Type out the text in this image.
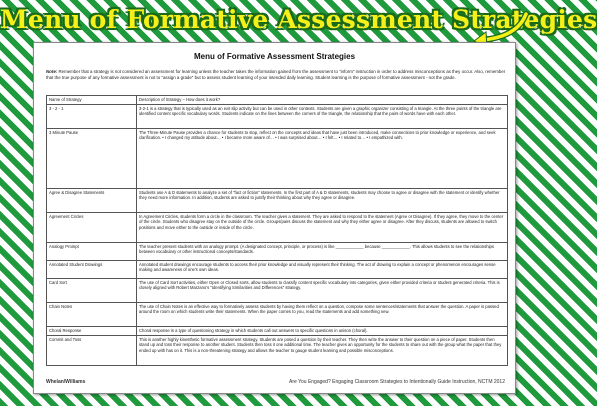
Menu of Formative Assessment Strategies
Menu of Formative Assessment Strategies
Note: Remember that a strategy is not considered an assessment for learning unless the teacher takes the information gained from the assessment to "inform" instruction in order to address misconceptions as they occur. Also, remember that the true purpose of any formative assessment is not to "assign a grade" but to assess student learning of your intended daily learning. Student learning is the purpose of formative assessment - not the grade.
Name of Strategy	Description of Strategy – How does it work?
3 - 2 - 1	3-2-1 is a strategy that is typically used as an exit slip activity but can be used in other contexts. Students are given a graphic organizer consisting of a triangle. At the three points of the triangle are identified content specific vocabulary words. Students indicate on the lines between the corners of the triangle, the relationship that the pairs of words have with each other.
3 Minute Pause	The Three-Minute Pause provides a chance for students to stop, reflect on the concepts and ideas that have just been introduced, make connections to prior knowledge or experience, and seek clarification. • I changed my attitude about… • I became more aware of… • I was surprised about… • I felt… • I related to… • I empathized with.
Agree & Disagree Statements	Students use A & D statements to analyze a set of "fact or fiction" statements. In the first part of A & D statements, students may choose to agree or disagree with the statement or identify whether they need more information. In addition, students are asked to justify their thinking about why they agree or disagree.
Agreement Circles	In Agreement Circles, students form a circle in the classroom. The teacher gives a statement. They are asked to respond to the statement (Agree or Disagree). If they agree, they move to the center of the circle. Students who disagree stay on the outside of the circle. Groups/pairs discuss the statement and why they either agree or disagree. After they discuss, students are allowed to switch positions and move either to the outside or inside of the circle.
Analogy Prompt	The teacher present students with an analogy prompt. (A designated concept, principle, or process) is like ____________ because ____________. This allows students to see the relationships between vocabulary or other instructional concepts/standards.
Annotated Student Drawings	Annotated student drawings encourage students to access their prior knowledge and visually represent their thinking. The act of drawing to explain a concept or phenomenon encourages sense making and awareness of one's own ideas.
Card Sort	The use of Card Sort activities, either Open or Closed sorts, allow students to classify content specific vocabulary into categories, given either provided criteria or student generated criteria. This is closely aligned with Robert Marzano's "Identifying Similarities and Differences" strategy.
Chain Notes	The use of Chain Notes is an effective way to formatively assess students by having them reflect on a question, compose some sentences/statements that answer the question. A paper is passed around the room on which students write their statements. When the paper comes to you, read the statements and add something new.
Choral Response	Choral response is a type of questioning strategy in which students call out answers to specific questions in unison (choral).
Commit and Toss	This is another highly kinesthetic formative assessment strategy. Students are posed a question by their teacher. They then write the answer to their question on a piece of paper. Students then stand up and toss their response to another student. Students then toss it one additional time. The teacher gives an opportunity for the students to share out with the group what the paper that they ended up with has on it. This is a non-threatening strategy and allows the teacher to gauge student learning and possible misconceptions.
Whelan/Williams	Are You Engaged? Engaging Classroom Strategies to Intentionally Guide Instruction, NCTM 2012
